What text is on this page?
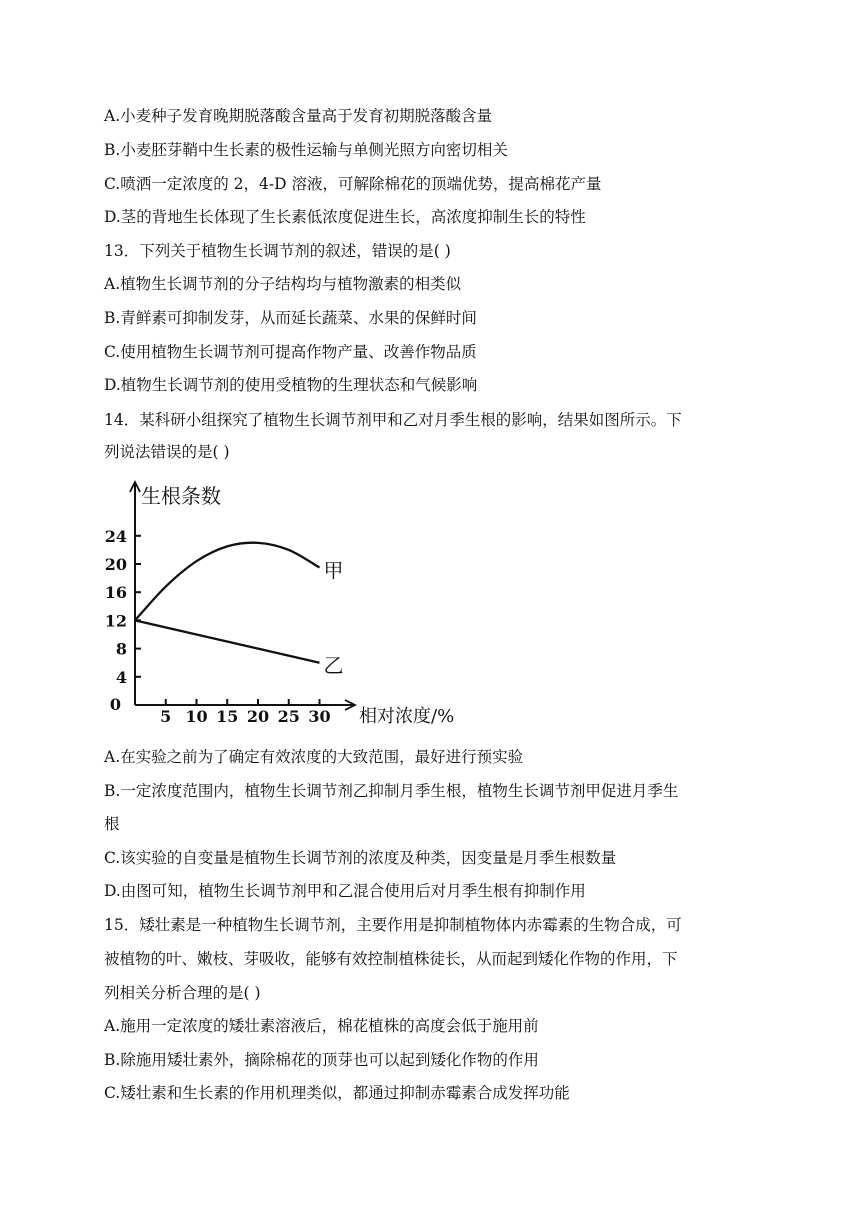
A.小麦种子发育晚期脱落酸含量高于发育初期脱落酸含量
B.小麦胚芽鞘中生长素的极性运输与单侧光照方向密切相关
C.喷洒一定浓度的 2，4-D 溶液，可解除棉花的顶端优势，提高棉花产量
D.茎的背地生长体现了生长素低浓度促进生长，高浓度抑制生长的特性
13．下列关于植物生长调节剂的叙述，错误的是( )
A.植物生长调节剂的分子结构均与植物激素的相类似
B.青鲜素可抑制发芽，从而延长蔬菜、水果的保鲜时间
C.使用植物生长调节剂可提高作物产量、改善作物品质
D.植物生长调节剂的使用受植物的生理状态和气候影响
14．某科研小组探究了植物生长调节剂甲和乙对月季生根的影响，结果如图所示。下
列说法错误的是( )
5 10 15 20 25 30
4
8
12
16
20
24
0
生根条数
相对浓度/%
甲
乙
A.在实验之前为了确定有效浓度的大致范围，最好进行预实验
B.一定浓度范围内，植物生长调节剂乙抑制月季生根，植物生长调节剂甲促进月季生
根
C.该实验的自变量是植物生长调节剂的浓度及种类，因变量是月季生根数量
D.由图可知，植物生长调节剂甲和乙混合使用后对月季生根有抑制作用
15．矮壮素是一种植物生长调节剂，主要作用是抑制植物体内赤霉素的生物合成，可
被植物的叶、嫩枝、芽吸收，能够有效控制植株徒长，从而起到矮化作物的作用，下
列相关分析合理的是( )
A.施用一定浓度的矮壮素溶液后，棉花植株的高度会低于施用前
B.除施用矮壮素外，摘除棉花的顶芽也可以起到矮化作物的作用
C.矮壮素和生长素的作用机理类似，都通过抑制赤霉素合成发挥功能
